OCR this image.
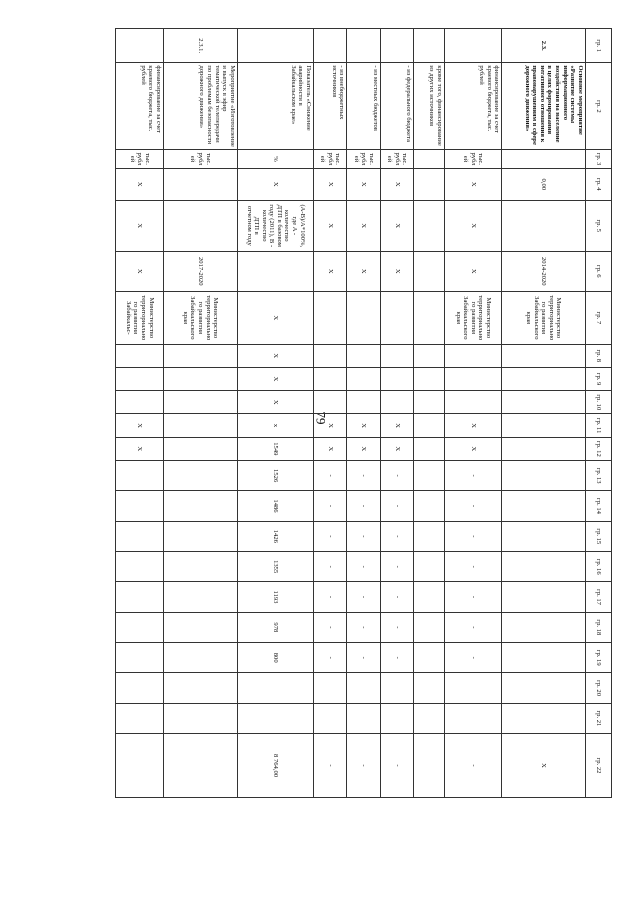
79
гр. 1	гр. 2	гр. 3	гр. 4	гр. 5	гр. 6	гр. 7	гр. 8	гр. 9	гр. 10	гр. 11	гр. 12	гр. 13	гр. 14	гр. 15	гр. 16	гр. 17	гр. 18	гр. 19	гр. 20	гр. 21	гр. 22
2.3.	Основное мероприятие «Развитие системы информационного воздействия на население в целях формирования негативного отношения к правонарушениям в сфере дорожного движения»		0,00		2014-2020	Министерство территориального развития Забайкальского края															X
	финансирование за счет краевого бюджета, тыс. рублей	тыс. рублей	X	X	X	Министерство территориального развития Забайкальского края				X	X	-	-	-	-	-	-	-			-
	кроме того, финансирование из других источников																				
	- из федерального бюджета	тыс. рублей	X	X	X					X	X	-	-	-	-	-	-	-			-
	- из местных бюджетов	тыс. рублей	X	X	X					X	X	-	-	-	-	-	-	-			-
	- из внебюджетных источников	тыс. рублей	X	X	X					X	X	-	-	-	-	-	-	-			-
	Показатель «Снижение аварийности в Забайкальском крае»	%	X	(A-B)/A*100%, где A - количество ДТП в базовом году (2011), B - количество ДТП в отчетном году		X	X	X	X	x	1549	1526	1486	1426	1355	1193	978	800			8 764,00
2.3.1.	Мероприятие «Изготовление и выпуск в эфир тематической телепередачи по проблемам безопасности дорожного движения»	тыс. рублей			2017-2020	Министерство территориального развития Забайкальского края															
	финансирование за счет краевого бюджета, тыс. рублей	тыс. рублей	X	X	X	Министерство территориального развития Забайкальс-				X	X										
